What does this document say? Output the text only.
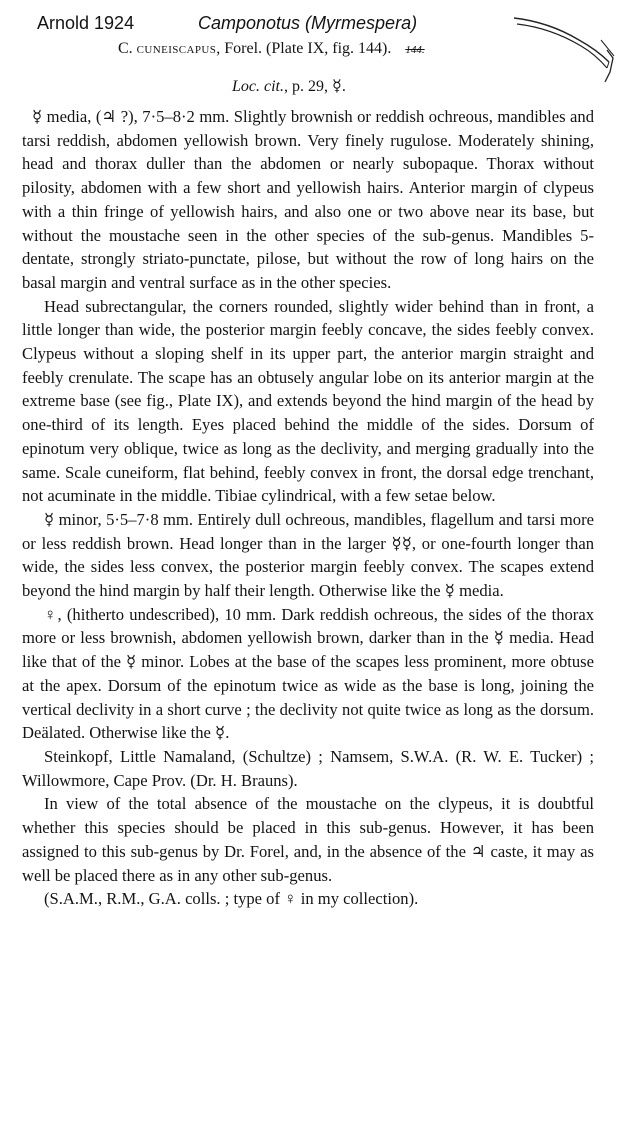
Arnold 1924	Camponotus (Myrmespera)
C. cuneiscapus, Forel. (Plate IX, fig. 144). 144.
Loc. cit., p. 29, ☿.

☿ media, (♃ ?), 7·5–8·2 mm. Slightly brownish or reddish ochreous, mandibles and tarsi reddish, abdomen yellowish brown. Very finely rugulose. Moderately shining, head and thorax duller than the abdomen or nearly subopaque. Thorax without pilosity, abdomen with a few short and yellowish hairs. Anterior margin of clypeus with a thin fringe of yellowish hairs, and also one or two above near its base, but without the moustache seen in the other species of the sub-genus. Mandibles 5-dentate, strongly striato-punctate, pilose, but without the row of long hairs on the basal margin and ventral surface as in the other species.

Head subrectangular, the corners rounded, slightly wider behind than in front, a little longer than wide, the posterior margin feebly concave, the sides feebly convex. Clypeus without a sloping shelf in its upper part, the anterior margin straight and feebly crenulate. The scape has an obtusely angular lobe on its anterior margin at the extreme base (see fig., Plate IX), and extends beyond the hind margin of the head by one-third of its length. Eyes placed behind the middle of the sides. Dorsum of epinotum very oblique, twice as long as the declivity, and merging gradually into the same. Scale cuneiform, flat behind, feebly convex in front, the dorsal edge trenchant, not acuminate in the middle. Tibiae cylindrical, with a few setae below.

☿ minor, 5·5–7·8 mm. Entirely dull ochreous, mandibles, flagellum and tarsi more or less reddish brown. Head longer than in the larger ☿☿, or one-fourth longer than wide, the sides less convex, the posterior margin feebly convex. The scapes extend beyond the hind margin by half their length. Otherwise like the ☿ media.

♀, (hitherto undescribed), 10 mm. Dark reddish ochreous, the sides of the thorax more or less brownish, abdomen yellowish brown, darker than in the ☿ media. Head like that of the ☿ minor. Lobes at the base of the scapes less prominent, more obtuse at the apex. Dorsum of the epinotum twice as wide as the base is long, joining the vertical declivity in a short curve ; the declivity not quite twice as long as the dorsum. Deälated. Otherwise like the ☿.

Steinkopf, Little Namaland, (Schultze) ; Namsem, S.W.A. (R. W. E. Tucker) ; Willowmore, Cape Prov. (Dr. H. Brauns).

In view of the total absence of the moustache on the clypeus, it is doubtful whether this species should be placed in this sub-genus. However, it has been assigned to this sub-genus by Dr. Forel, and, in the absence of the ♃ caste, it may as well be placed there as in any other sub-genus.

(S.A.M., R.M., G.A. colls. ; type of ♀ in my collection).
